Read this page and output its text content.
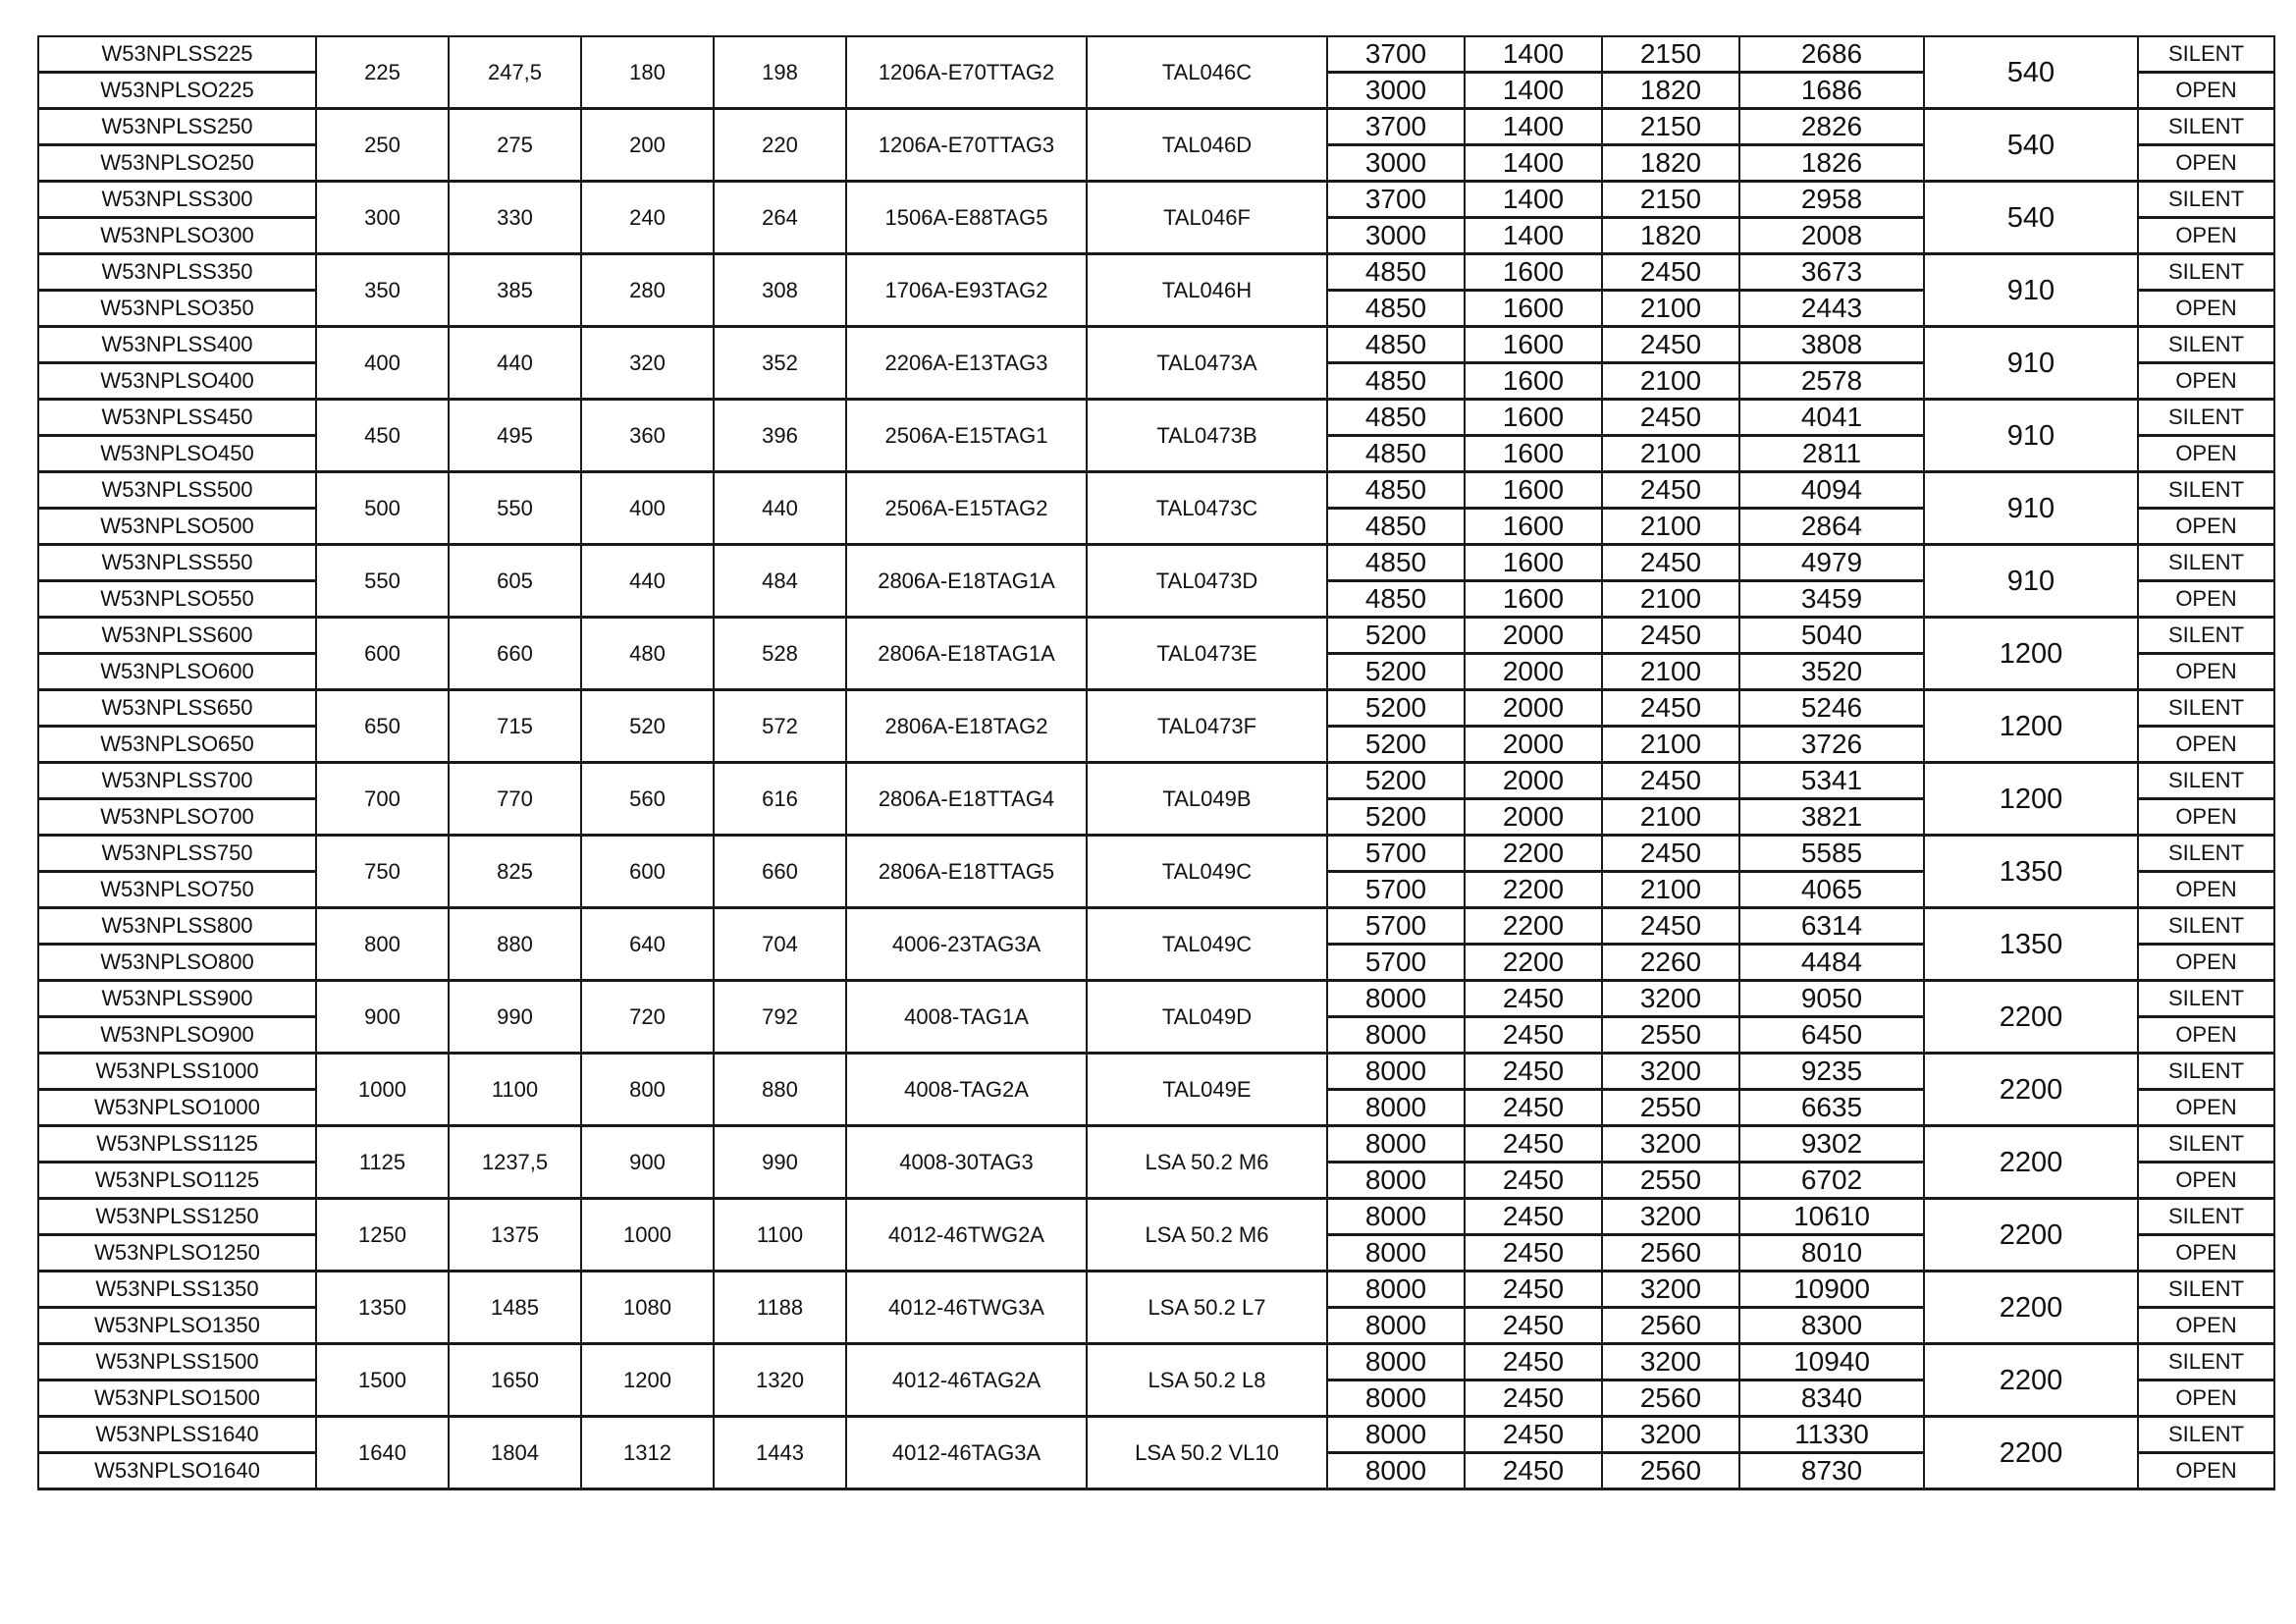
W53NPLSS225	225	247,5	180	198	1206A-E70TTAG2	TAL046C	3700	1400	2150	2686	540	SILENT
W53NPLSO225							3000	1400	1820	1686		OPEN
W53NPLSS250	250	275	200	220	1206A-E70TTAG3	TAL046D	3700	1400	2150	2826	540	SILENT
W53NPLSO250							3000	1400	1820	1826		OPEN
W53NPLSS300	300	330	240	264	1506A-E88TAG5	TAL046F	3700	1400	2150	2958	540	SILENT
W53NPLSO300							3000	1400	1820	2008		OPEN
W53NPLSS350	350	385	280	308	1706A-E93TAG2	TAL046H	4850	1600	2450	3673	910	SILENT
W53NPLSO350							4850	1600	2100	2443		OPEN
W53NPLSS400	400	440	320	352	2206A-E13TAG3	TAL0473A	4850	1600	2450	3808	910	SILENT
W53NPLSO400							4850	1600	2100	2578		OPEN
W53NPLSS450	450	495	360	396	2506A-E15TAG1	TAL0473B	4850	1600	2450	4041	910	SILENT
W53NPLSO450							4850	1600	2100	2811		OPEN
W53NPLSS500	500	550	400	440	2506A-E15TAG2	TAL0473C	4850	1600	2450	4094	910	SILENT
W53NPLSO500							4850	1600	2100	2864		OPEN
W53NPLSS550	550	605	440	484	2806A-E18TAG1A	TAL0473D	4850	1600	2450	4979	910	SILENT
W53NPLSO550							4850	1600	2100	3459		OPEN
W53NPLSS600	600	660	480	528	2806A-E18TAG1A	TAL0473E	5200	2000	2450	5040	1200	SILENT
W53NPLSO600							5200	2000	2100	3520		OPEN
W53NPLSS650	650	715	520	572	2806A-E18TAG2	TAL0473F	5200	2000	2450	5246	1200	SILENT
W53NPLSO650							5200	2000	2100	3726		OPEN
W53NPLSS700	700	770	560	616	2806A-E18TTAG4	TAL049B	5200	2000	2450	5341	1200	SILENT
W53NPLSO700							5200	2000	2100	3821		OPEN
W53NPLSS750	750	825	600	660	2806A-E18TTAG5	TAL049C	5700	2200	2450	5585	1350	SILENT
W53NPLSO750							5700	2200	2100	4065		OPEN
W53NPLSS800	800	880	640	704	4006-23TAG3A	TAL049C	5700	2200	2450	6314	1350	SILENT
W53NPLSO800							5700	2200	2260	4484		OPEN
W53NPLSS900	900	990	720	792	4008-TAG1A	TAL049D	8000	2450	3200	9050	2200	SILENT
W53NPLSO900							8000	2450	2550	6450		OPEN
W53NPLSS1000	1000	1100	800	880	4008-TAG2A	TAL049E	8000	2450	3200	9235	2200	SILENT
W53NPLSO1000							8000	2450	2550	6635		OPEN
W53NPLSS1125	1125	1237,5	900	990	4008-30TAG3	LSA 50.2 M6	8000	2450	3200	9302	2200	SILENT
W53NPLSO1125							8000	2450	2550	6702		OPEN
W53NPLSS1250	1250	1375	1000	1100	4012-46TWG2A	LSA 50.2 M6	8000	2450	3200	10610	2200	SILENT
W53NPLSO1250							8000	2450	2560	8010		OPEN
W53NPLSS1350	1350	1485	1080	1188	4012-46TWG3A	LSA 50.2 L7	8000	2450	3200	10900	2200	SILENT
W53NPLSO1350							8000	2450	2560	8300		OPEN
W53NPLSS1500	1500	1650	1200	1320	4012-46TAG2A	LSA 50.2 L8	8000	2450	3200	10940	2200	SILENT
W53NPLSO1500							8000	2450	2560	8340		OPEN
W53NPLSS1640	1640	1804	1312	1443	4012-46TAG3A	LSA 50.2 VL10	8000	2450	3200	11330	2200	SILENT
W53NPLSO1640							8000	2450	2560	8730		OPEN
